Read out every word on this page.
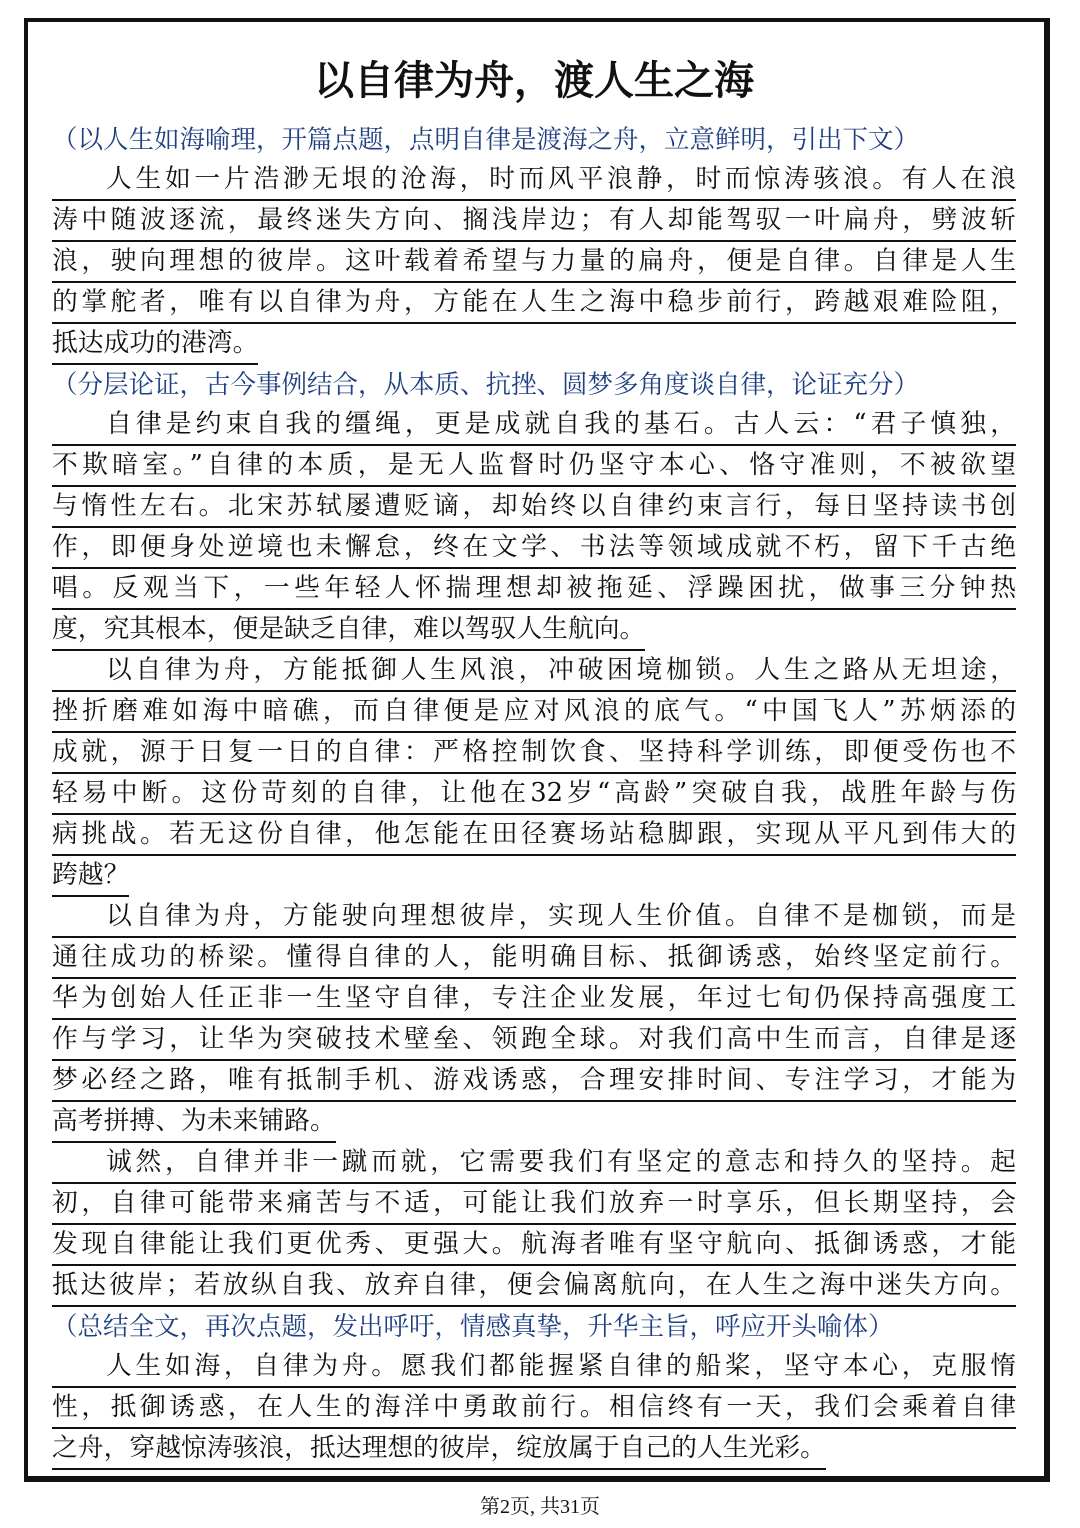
以自律为舟，渡人生之海
（以人生如海喻理，开篇点题，点明自律是渡海之舟，立意鲜明，引出下文）
人生如一片浩渺无垠的沧海，时而风平浪静，时而惊涛骇浪。有人在浪
涛中随波逐流，最终迷失方向、搁浅岸边；有人却能驾驭一叶扁舟，劈波斩
浪，驶向理想的彼岸。这叶载着希望与力量的扁舟，便是自律。自律是人生
的掌舵者，唯有以自律为舟，方能在人生之海中稳步前行，跨越艰难险阻，
抵达成功的港湾。
（分层论证，古今事例结合，从本质、抗挫、圆梦多角度谈自律，论证充分）
自律是约束自我的缰绳，更是成就自我的基石。古人云：“君子慎独，
不欺暗室。”自律的本质，是无人监督时仍坚守本心、恪守准则，不被欲望
与惰性左右。北宋苏轼屡遭贬谪，却始终以自律约束言行，每日坚持读书创
作，即便身处逆境也未懈怠，终在文学、书法等领域成就不朽，留下千古绝
唱。反观当下，一些年轻人怀揣理想却被拖延、浮躁困扰，做事三分钟热
度，究其根本，便是缺乏自律，难以驾驭人生航向。
以自律为舟，方能抵御人生风浪，冲破困境枷锁。人生之路从无坦途，
挫折磨难如海中暗礁，而自律便是应对风浪的底气。“中国飞人”苏炳添的
成就，源于日复一日的自律：严格控制饮食、坚持科学训练，即便受伤也不
轻易中断。这份苛刻的自律，让他在32岁“高龄”突破自我，战胜年龄与伤
病挑战。若无这份自律，他怎能在田径赛场站稳脚跟，实现从平凡到伟大的
跨越？
以自律为舟，方能驶向理想彼岸，实现人生价值。自律不是枷锁，而是
通往成功的桥梁。懂得自律的人，能明确目标、抵御诱惑，始终坚定前行。
华为创始人任正非一生坚守自律，专注企业发展，年过七旬仍保持高强度工
作与学习，让华为突破技术壁垒、领跑全球。对我们高中生而言，自律是逐
梦必经之路，唯有抵制手机、游戏诱惑，合理安排时间、专注学习，才能为
高考拼搏、为未来铺路。
诚然，自律并非一蹴而就，它需要我们有坚定的意志和持久的坚持。起
初，自律可能带来痛苦与不适，可能让我们放弃一时享乐，但长期坚持，会
发现自律能让我们更优秀、更强大。航海者唯有坚守航向、抵御诱惑，才能
抵达彼岸；若放纵自我、放弃自律，便会偏离航向，在人生之海中迷失方向。
（总结全文，再次点题，发出呼吁，情感真挚，升华主旨，呼应开头喻体）
人生如海，自律为舟。愿我们都能握紧自律的船桨，坚守本心，克服惰
性，抵御诱惑，在人生的海洋中勇敢前行。相信终有一天，我们会乘着自律
之舟，穿越惊涛骇浪，抵达理想的彼岸，绽放属于自己的人生光彩。
第2页, 共31页
